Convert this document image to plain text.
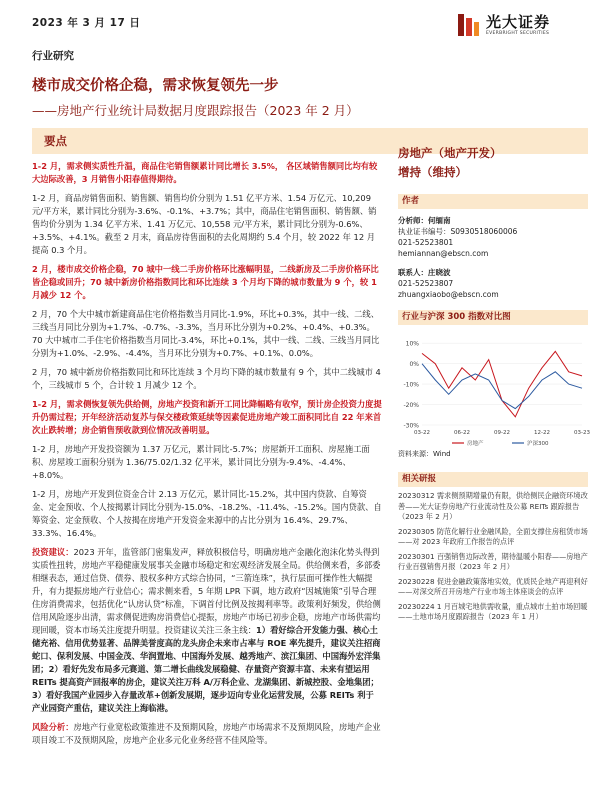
2023 年 3 月 17 日	光大证券
EVERBRIGHT SECURITIES
行业研究
楼市成交价格企稳，需求恢复领先一步
——房地产行业统计局数据月度跟踪报告（2023 年 2 月）
要点

1-2 月，需求侧实质性升温，商品住宅销售额累计同比增长 3.5%， 各区域销售额同比均有较大边际改善，3 月销售小阳春值得期待。

1-2 月，商品房销售面积、销售额、销售均价分别为 1.51 亿平方米、1.54 万亿元、10,209 元/平方米，累计同比分别为-3.6%、-0.1%、+3.7%；其中，商品住宅销售面积、销售额、销售均价分别为 1.34 亿平方米、1.41 万亿元、10,558 元/平方米，累计同比分别为-0.6%、+3.5%、+4.1%。截至 2 月末，商品房待售面积的去化周期约 5.4 个月，较 2022 年 12 月提高 0.3 个月。

2 月，楼市成交价格企稳，70 城中一线二手房价格环比涨幅明显，二线新房及二手房价格环比皆企稳或回升；70 城中新房价格指数同比和环比连续 3 个月均下降的城市数量为 9 个，较 1 月减少 12 个。

2 月，70 个大中城市新建商品住宅价格指数当月同比-1.9%，环比+0.3%，其中一线、二线、三线当月同比分别为+1.7%、-0.7%、-3.3%，当月环比分别为+0.2%、+0.4%、+0.3%。70 大中城市二手住宅价格指数当月同比-3.4%，环比+0.1%，其中一线、二线、三线当月同比分别为+1.0%、-2.9%、-4.4%，当月环比分别为+0.7%、+0.1%、0.0%。

2 月，70 城中新房价格指数同比和环比连续 3 个月均下降的城市数量有 9 个，其中二线城市 4 个，三线城市 5 个，合计较 1 月减少 12 个。

1-2 月，需求侧恢复领先供给侧，房地产投资和新开工同比降幅略有收窄，预计房企投资力度提升仍需过程；开年经济活动复苏与保交楼政策延续等因素促进房地产竣工面积同比自 22 年来首次止跌转增；房企销售预收款到位情况改善明显。

1-2 月，房地产开发投资额为 1.37 万亿元，累计同比-5.7%；房屋新开工面积、房屋施工面积、房屋竣工面积分别为 1.36/75.02/1.32 亿平米，累计同比分别为-9.4%、-4.4%、+8.0%。

1-2 月，房地产开发到位资金合计 2.13 万亿元，累计同比-15.2%，其中国内贷款、自筹资金、定金预收、个人按揭累计同比分别为-15.0%、-18.2%、-11.4%、-15.2%。国内贷款、自筹资金、定金预收、个人按揭在房地产开发资金来源中的占比分别为 16.4%、29.7%、33.3%、16.4%。

投资建议：2023 开年，监管部门密集发声，释放积极信号，明确房地产金融化泡沫化势头得到实质性扭转，房地产平稳健康发展事关金融市场稳定和宏观经济发展全局。供给侧来看，多部委相继表态，通过信贷、债券、股权多种方式综合协同，“三箭连珠”，执行层面可操作性大幅提升，有力提振房地产行业信心；需求侧来看，5 年期 LPR 下调，地方政府“因城施策”引导合理住房消费需求，包括优化“认房认贷”标准，下调首付比例及按揭利率等。政策利好频发，供给侧信用风险逐步出清，需求侧促进购房消费信心提振，房地产市场已初步企稳，房地产市场供需均现回暖，资本市场关注度提升明显。投资建议关注三条主线：1）看好综合开发能力强、核心土储充裕、信用优势显著、品牌美誉度高的龙头房企未来市占率与 ROE 率先提升，建议关注招商蛇口、保利发展、中国金茂、华润置地、中国海外发展、越秀地产、滨江集团、中国海外宏洋集团；2）看好先发布局多元赛道、第二增长曲线发展稳健、存量资产资源丰富、未来有望运用 REITs 提高资产回报率的房企，建议关注万科 A/万科企业、龙湖集团、新城控股、金地集团；3）看好我国产业园步入存量改革+创新发展期，逐步迈向专业化运营发展，公募 REITs 利于产业园资产重估，建议关注上海临港。

风险分析：房地产行业宽松政策推进不及预期风险，房地产市场需求不及预期风险，房地产企业项目竣工不及预期风险，房地产企业多元化业务经营不佳风险等。

房地产（地产开发）
增持（维持）
作者
分析师：何缅南
执业证书编号：S0930518060006
021-52523801
hemiannan@ebscn.com
联系人：庄晓波
021-52523807
zhuangxiaobo@ebscn.com
行业与沪深 300 指数对比图
-30%
-20%
-10%
0%
10%
03-22	06-22	09-22	12-22	03-23
房地产	沪深300
资料来源：Wind
相关研报
20230312 需求侧预期增量仍有限，供给侧民企融资环境改善——光大证券房地产行业流动性及公募 REITs 跟踪报告（2023 年 2 月）
20230305 防范化解行业金融风险，全面支撑住房租赁市场——对 2023 年政府工作报告的点评
20230301 百强销售边际改善，期待温暖小阳春——房地产行业百强销售月报（2023 年 2 月）
20230228 促进金融政策落地实效，优质民企地产再迎利好——对深交所召开房地产行业市场主体座谈会的点评
20230224 1 月百城宅地供需收量，重点城市土拍市场回暖——土地市场月度跟踪报告（2023 年 1 月）
